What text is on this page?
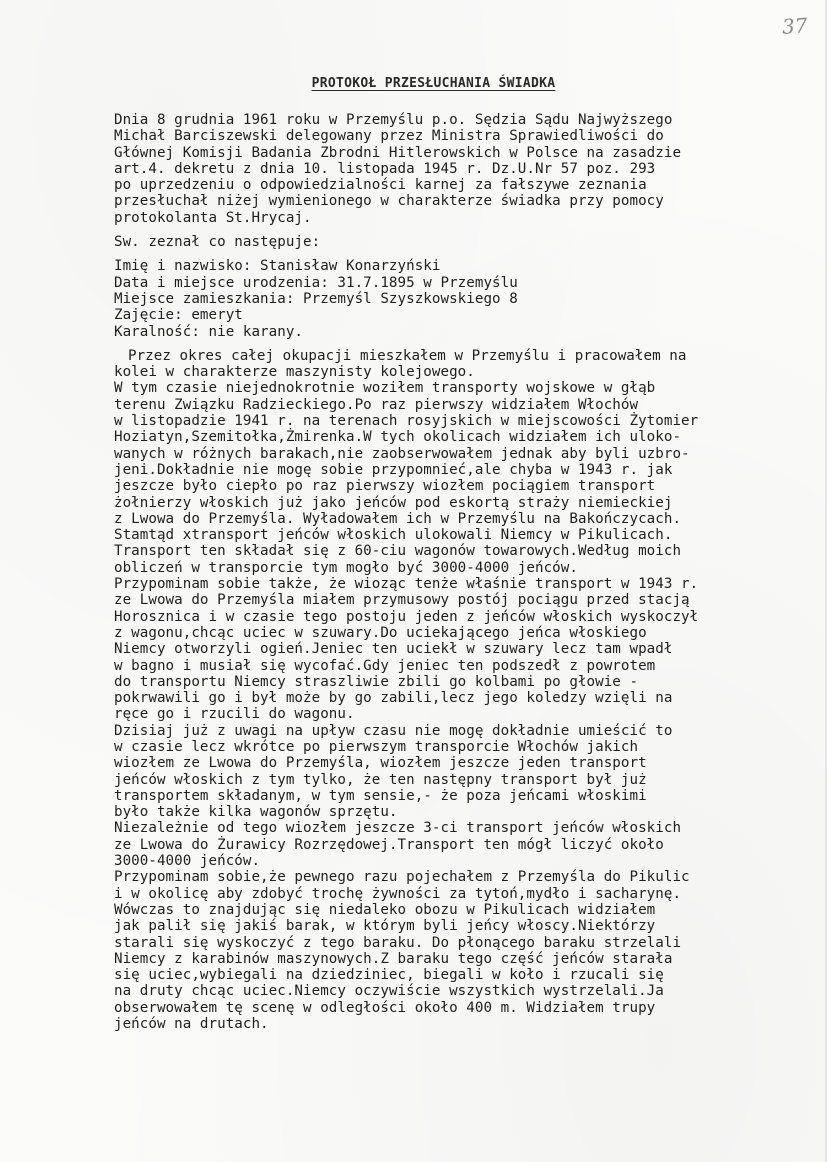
37
PROTOKOŁ PRZESŁUCHANIA ŚWIADKA
Dnia 8 grudnia 1961 roku w Przemyślu p.o. Sędzia Sądu Najwyższego
Michał Barciszewski delegowany przez Ministra Sprawiedliwości do
Głównej Komisji Badania Zbrodni Hitlerowskich w Polsce na zasadzie
art.4. dekretu z dnia 10. listopada 1945 r. Dz.U.Nr 57 poz. 293
po uprzedzeniu o odpowiedzialności karnej za fałszywe zeznania
przesłuchał niżej wymienionego w charakterze świadka przy pomocy
protokolanta St.Hrycaj.
Sw. zeznał co następuje:
Imię i nazwisko: Stanisław Konarzyński
Data i miejsce urodzenia: 31.7.1895 w Przemyślu
Miejsce zamieszkania: Przemyśl Szyszkowskiego 8
Zajęcie: emeryt
Karalność: nie karany.
Przez okres całej okupacji mieszkałem w Przemyślu i pracowałem na
kolei w charakterze maszynisty kolejowego.
W tym czasie niejednokrotnie woziłem transporty wojskowe w głąb
terenu Związku Radzieckiego.Po raz pierwszy widziałem Włochów
w listopadzie 1941 r. na terenach rosyjskich w miejscowości Żytomier
Hoziatyn,Szemitołka,Żmirenka.W tych okolicach widziałem ich ulоko-
wanych w różnych barakach,nie zaobserwowałem jednak aby byli uzbro-
jeni.Dokładnie nie mogę sobie przypomnieć,ale chyba w 1943 r. jak
jeszcze było ciepło po raz pierwszy wiozłem pociągiem transport
żołnierzy włoskich już jako jeńców pod eskortą straży niemieckiej
z Lwowa do Przemyśla. Wyładowałem ich w Przemyślu na Bakończycach.
Stamtąd xtransport jeńców włoskich ulokowali Niemcy w Pikulicach.
Transport ten składał się z 60-ciu wagonów towarowych.Według moich
obliczeń w transporcie tym mogło być 3000-4000 jeńców.
Przypominam sobie także, że wioząc tenże właśnie transport w 1943 r.
ze Lwowa do Przemyśla miałem przymusowy postój pociągu przed stacją
Horosznica i w czasie tego postoju jeden z jeńców włoskich wyskoczył
z wagonu,chcąc uciec w szuwary.Do uciekającego jeńca włoskiego
Niemcy otworzyli ogień.Jeniec ten uciekł w szuwary lecz tam wpadł
w bagno i musiał się wycofać.Gdy jeniec ten podszedł z powrotem
do transportu Niemcy straszliwie zbili go kolbami po głowie -
pokrwawili go i był może by go zabili,lecz jego koledzy wzięli na
ręce go i rzucili do wagonu.
Dzisiaj już z uwagi na upływ czasu nie mogę dokładnie umieścić to
w czasie lecz wkrótce po pierwszym transporcie Włochów jakich
wiozłem ze Lwowa do Przemyśla, wiozłem jeszcze jeden transport
jeńców włoskich z tym tylko, że ten następny transport był już
transportem składanym, w tym sensie,- że poza jeńcami włoskimi
było także kilka wagonów sprzętu.
Niezależnie od tego wiozłem jeszcze 3-ci transport jeńców włoskich
ze Lwowa do Żurawicy Rozrzędowej.Transport ten mógł liczyć około
3000-4000 jeńców.
Przypominam sobie,że pewnego razu pojechałem z Przemyśla do Pikulic
i w okolicę aby zdobyć trochę żywności za tytoń,mydło i sacharynę.
Wówczas to znajdując się niedaleko obozu w Pikulicach widziałem
jak palił się jakiś barak, w którym byli jeńcy włoscy.Niektórzy
starali się wyskoczyć z tego baraku. Do płonącego baraku strzelali
Niemcy z karabinów maszynowych.Z baraku tego część jeńców starała
się uciec,wybiegali na dziedziniec, biegali w koło i rzucali się
na druty chcąc uciec.Niemcy oczywiście wszystkich wystrzelali.Ja
obserwowałem tę scenę w odległości około 400 m. Widziałem trupy
jeńców na drutach.
